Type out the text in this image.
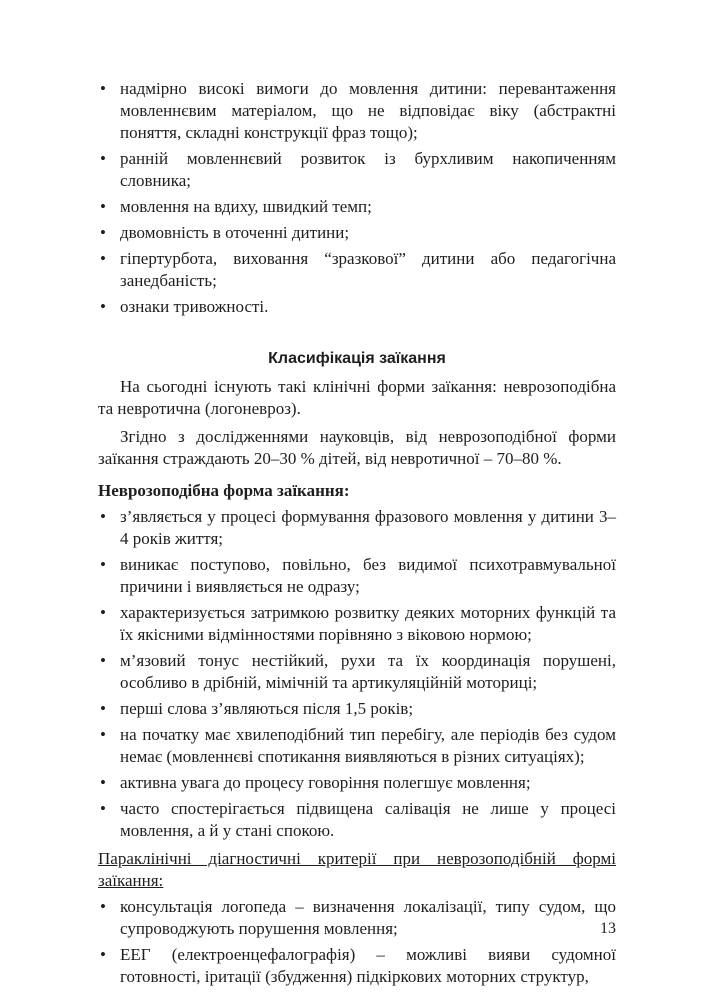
• надмірно високі вимоги до мовлення дитини: перевантаження мовленнєвим матеріалом, що не відповідає віку (абстрактні поняття, складні конструкції фраз тощо);
• ранній мовленнєвий розвиток із бурхливим накопиченням словника;
• мовлення на вдиху, швидкий темп;
• двомовність в оточенні дитини;
• гіпертурбота, виховання “зразкової” дитини або педагогічна занедбаність;
• ознаки тривожності.
Класифікація заїкання

На сьогодні існують такі клінічні форми заїкання: неврозоподібна та невротична (логоневроз).

Згідно з дослідженнями науковців, від неврозоподібної форми заїкання страждають 20–30 % дітей, від невротичної – 70–80 %.

Неврозоподібна форма заїкання:

• з’являється у процесі формування фразового мовлення у дитини 3–4 років життя;
• виникає поступово, повільно, без видимої психотравмувальної причини і виявляється не одразу;
• характеризується затримкою розвитку деяких моторних функцій та їх якісними відмінностями порівняно з віковою нормою;
• м’язовий тонус нестійкий, рухи та їх координація порушені, особливо в дрібній, мімічній та артикуляційній моториці;
• перші слова з’являються після 1,5 років;
• на початку має хвилеподібний тип перебігу, але періодів без судом немає (мовленнєві спотикання виявляються в різних ситуаціях);
• активна увага до процесу говоріння полегшує мовлення;
• часто спостерігається підвищена салівація не лише у процесі мовлення, а й у стані спокою.

Параклінічні діагностичні критерії при неврозоподібній формі заїкання:

• консультація логопеда – визначення локалізації, типу судом, що супроводжують порушення мовлення;
• ЕЕГ (електроенцефалографія) – можливі вияви судомної готовності, іритації (збудження) підкіркових моторних структур,
13
